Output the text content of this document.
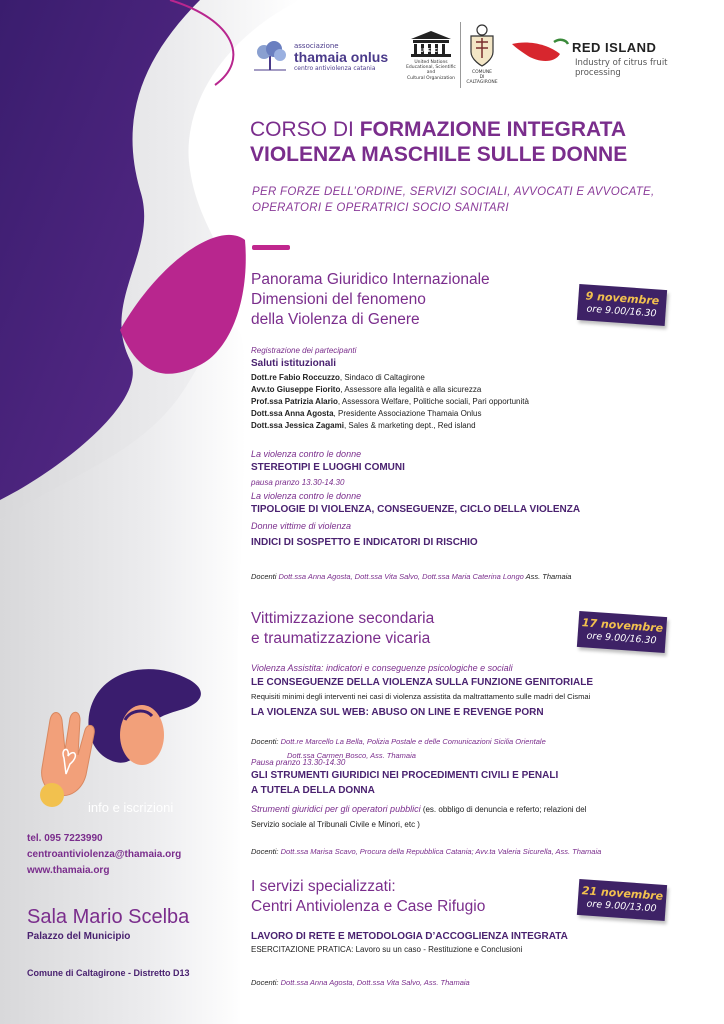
associazione
thamaia onlus
centro antiviolenza catania
UNESCO
United Nations
Educational, Scientific and
Cultural Organization
COMUNE
DI
CALTAGIRONE
RED ISLAND
Industry of citrus fruit processing
CORSO DI FORMAZIONE INTEGRATA
VIOLENZA MASCHILE SULLE DONNE
PER FORZE DELL’ORDINE, SERVIZI SOCIALI, AVVOCATI E AVVOCATE,
OPERATORI E OPERATRICI SOCIO SANITARI
Panorama Giuridico Internazionale
Dimensioni del fenomeno
della Violenza di Genere
9 novembre
ore 9.00/16.30
Registrazione dei partecipanti
Saluti istituzionali
Dott.re Fabio Roccuzzo, Sindaco di Caltagirone
Avv.to Giuseppe Fiorito, Assessore alla legalità e alla sicurezza
Prof.ssa Patrizia Alario, Assessora Welfare, Politiche sociali, Pari opportunità
Dott.ssa Anna Agosta, Presidente Associazione Thamaia Onlus
Dott.ssa Jessica Zagami, Sales & marketing dept., Red island
La violenza contro le donne
STEREOTIPI E LUOGHI COMUNI
pausa pranzo 13.30-14.30
La violenza contro le donne
TIPOLOGIE DI VIOLENZA, CONSEGUENZE, CICLO DELLA VIOLENZA
Donne vittime di violenza
INDICI DI SOSPETTO E INDICATORI DI RISCHIO
Docenti Dott.ssa Anna Agosta, Dott.ssa Vita Salvo, Dott.ssa Maria Caterina Longo Ass. Thamaia
Vittimizzazione secondaria
e traumatizzazione vicaria
17 novembre
ore 9.00/16.30
Violenza Assistita: indicatori e conseguenze psicologiche e sociali
LE CONSEGUENZE DELLA VIOLENZA SULLA FUNZIONE GENITORIALE
Requisiti minimi degli interventi nei casi di violenza assistita da maltrattamento sulle madri del Cismai
LA VIOLENZA SUL WEB: ABUSO ON LINE E REVENGE PORN
Docenti: Dott.re Marcello La Bella, Polizia Postale e delle Comunicazioni Sicilia Orientale
Dott.ssa Carmen Bosco, Ass. Thamaia
Pausa pranzo 13.30-14.30
GLI STRUMENTI GIURIDICI NEI PROCEDIMENTI CIVILI E PENALI
A TUTELA DELLA DONNA
Strumenti giuridici per gli operatori pubblici (es. obbligo di denuncia e referto; relazioni del
Servizio sociale al Tribunali Civile e Minori, etc )
Docenti: Dott.ssa Marisa Scavo, Procura della Repubblica Catania; Avv.ta Valeria Sicurella, Ass. Thamaia
I servizi specializzati:
Centri Antiviolenza e Case Rifugio
21 novembre
ore 9.00/13.00
LAVORO DI RETE E METODOLOGIA D’ACCOGLIENZA INTEGRATA
ESERCITAZIONE PRATICA: Lavoro su un caso - Restituzione e Conclusioni
Docenti: Dott.ssa Anna Agosta, Dott.ssa Vita Salvo, Ass. Thamaia
info e iscrizioni
tel. 095 7223990
centroantiviolenza@thamaia.org
www.thamaia.org
Sala Mario Scelba
Palazzo del Municipio
Comune di Caltagirone - Distretto D13
